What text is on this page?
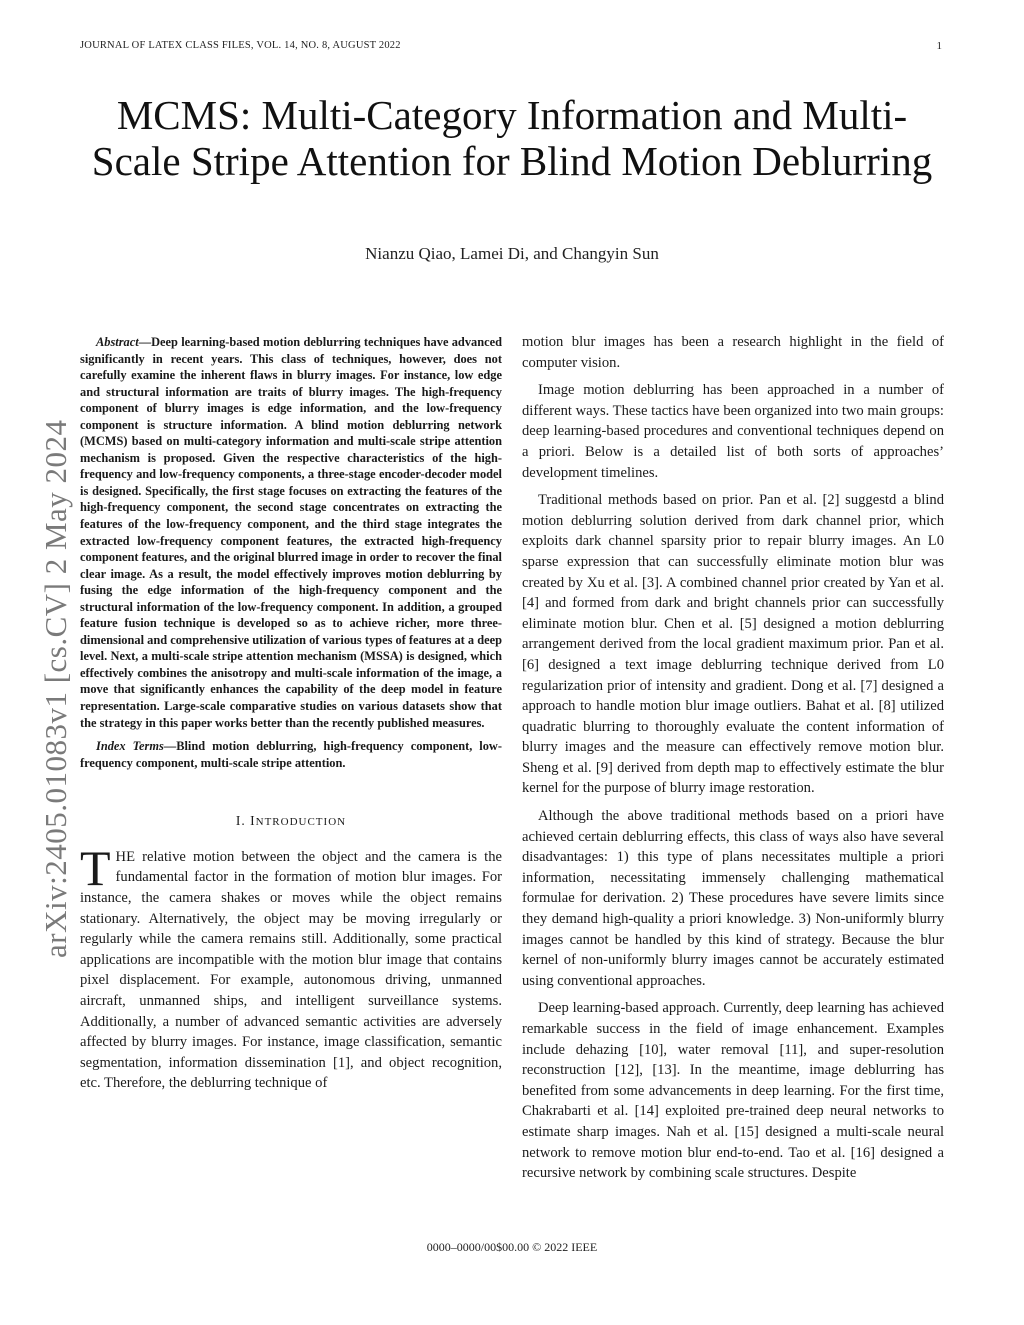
JOURNAL OF LATEX CLASS FILES, VOL. 14, NO. 8, AUGUST 2022	1
arXiv:2405.01083v1 [cs.CV] 2 May 2024
MCMS: Multi-Category Information and Multi-Scale Stripe Attention for Blind Motion Deblurring
Nianzu Qiao, Lamei Di, and Changyin Sun

Abstract—Deep learning-based motion deblurring techniques have advanced significantly in recent years. This class of techniques, however, does not carefully examine the inherent flaws in blurry images. For instance, low edge and structural information are traits of blurry images. The high-frequency component of blurry images is edge information, and the low-frequency component is structure information. A blind motion deblurring network (MCMS) based on multi-category information and multi-scale stripe attention mechanism is proposed. Given the respective characteristics of the high-frequency and low-frequency components, a three-stage encoder-decoder model is designed. Specifically, the first stage focuses on extracting the features of the high-frequency component, the second stage concentrates on extracting the features of the low-frequency component, and the third stage integrates the extracted low-frequency component features, the extracted high-frequency component features, and the original blurred image in order to recover the final clear image. As a result, the model effectively improves motion deblurring by fusing the edge information of the high-frequency component and the structural information of the low-frequency component. In addition, a grouped feature fusion technique is developed so as to achieve richer, more three-dimensional and comprehensive utilization of various types of features at a deep level. Next, a multi-scale stripe attention mechanism (MSSA) is designed, which effectively combines the anisotropy and multi-scale information of the image, a move that significantly enhances the capability of the deep model in feature representation. Large-scale comparative studies on various datasets show that the strategy in this paper works better than the recently published measures.

Index Terms—Blind motion deblurring, high-frequency component, low-frequency component, multi-scale stripe attention.

I. INTRODUCTION

THE relative motion between the object and the camera is the fundamental factor in the formation of motion blur images. For instance, the camera shakes or moves while the object remains stationary. Alternatively, the object may be moving irregularly or regularly while the camera remains still. Additionally, some practical applications are incompatible with the motion blur image that contains pixel displacement. For example, autonomous driving, unmanned aircraft, unmanned ships, and intelligent surveillance systems. Additionally, a number of advanced semantic activities are adversely affected by blurry images. For instance, image classification, semantic segmentation, information dissemination [1], and object recognition, etc. Therefore, the deblurring technique of

motion blur images has been a research highlight in the field of computer vision.

Image motion deblurring has been approached in a number of different ways. These tactics have been organized into two main groups: deep learning-based procedures and conventional techniques depend on a priori. Below is a detailed list of both sorts of approaches’ development timelines.

Traditional methods based on prior. Pan et al. [2] suggestd a blind motion deblurring solution derived from dark channel prior, which exploits dark channel sparsity prior to repair blurry images. An L0 sparse expression that can successfully eliminate motion blur was created by Xu et al. [3]. A combined channel prior created by Yan et al. [4] and formed from dark and bright channels prior can successfully eliminate motion blur. Chen et al. [5] designed a motion deblurring arrangement derived from the local gradient maximum prior. Pan et al. [6] designed a text image deblurring technique derived from L0 regularization prior of intensity and gradient. Dong et al. [7] designed a approach to handle motion blur image outliers. Bahat et al. [8] utilized quadratic blurring to thoroughly evaluate the content information of blurry images and the measure can effectively remove motion blur. Sheng et al. [9] derived from depth map to effectively estimate the blur kernel for the purpose of blurry image restoration.

Although the above traditional methods based on a priori have achieved certain deblurring effects, this class of ways also have several disadvantages: 1) this type of plans necessitates multiple a priori information, necessitating immensely challenging mathematical formulae for derivation. 2) These procedures have severe limits since they demand high-quality a priori knowledge. 3) Non-uniformly blurry images cannot be handled by this kind of strategy. Because the blur kernel of non-uniformly blurry images cannot be accurately estimated using conventional approaches.

Deep learning-based approach. Currently, deep learning has achieved remarkable success in the field of image enhancement. Examples include dehazing [10], water removal [11], and super-resolution reconstruction [12], [13]. In the meantime, image deblurring has benefited from some advancements in deep learning. For the first time, Chakrabarti et al. [14] exploited pre-trained deep neural networks to estimate sharp images. Nah et al. [15] designed a multi-scale neural network to remove motion blur end-to-end. Tao et al. [16] designed a recursive network by combining scale structures. Despite

0000–0000/00$00.00 © 2022 IEEE
